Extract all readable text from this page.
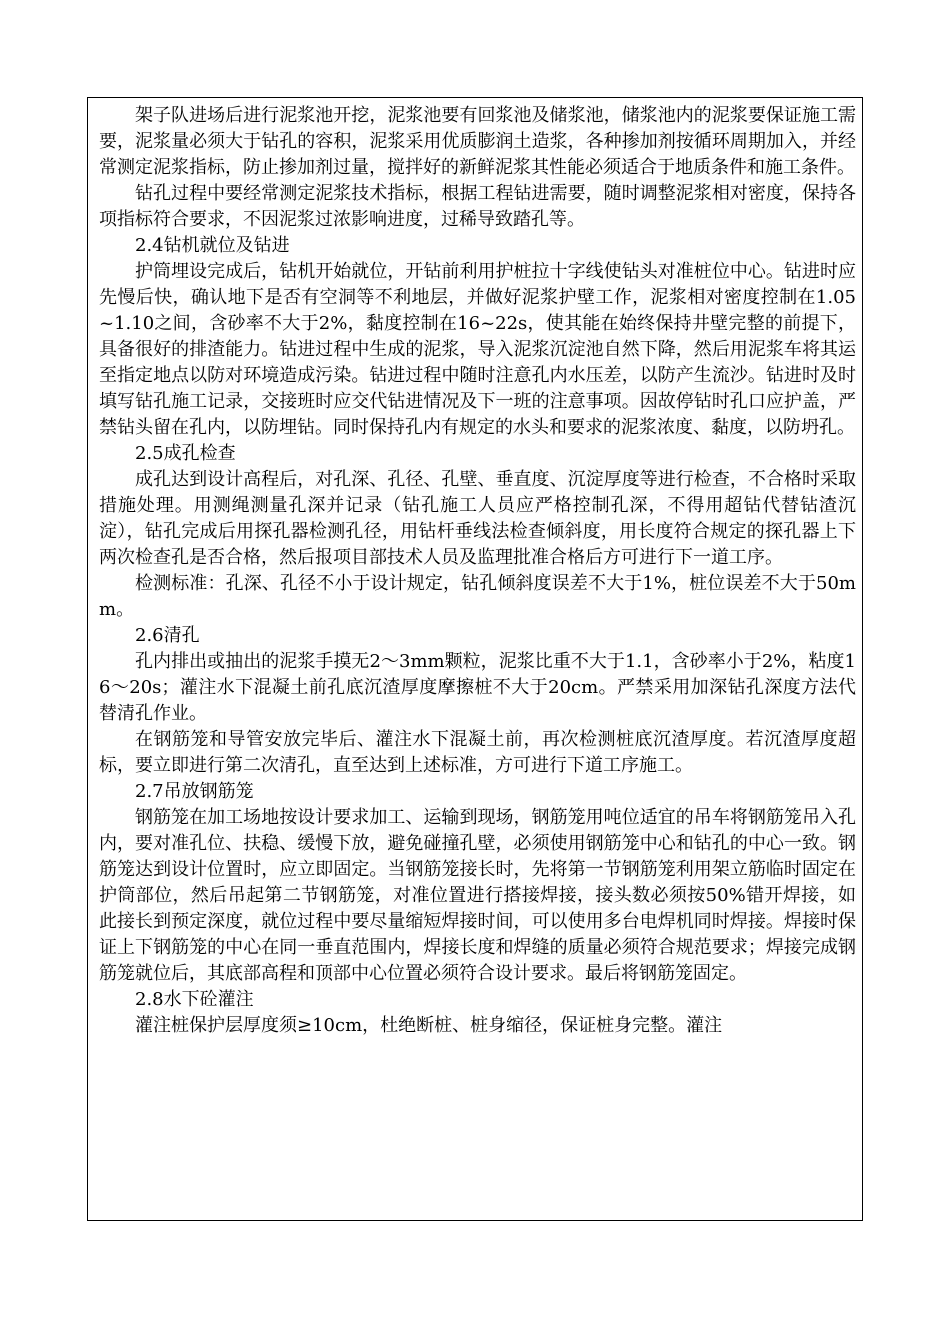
架子队进场后进行泥浆池开挖，泥浆池要有回浆池及储浆池，储浆池内的泥浆要保证施工需要，泥浆量必须大于钻孔的容积，泥浆采用优质膨润土造浆，各种掺加剂按循环周期加入，并经常测定泥浆指标，防止掺加剂过量，搅拌好的新鲜泥浆其性能必须适合于地质条件和施工条件。

钻孔过程中要经常测定泥浆技术指标，根据工程钻进需要，随时调整泥浆相对密度，保持各项指标符合要求，不因泥浆过浓影响进度，过稀导致踏孔等。

2.4钻机就位及钻进

护筒埋设完成后，钻机开始就位，开钻前利用护桩拉十字线使钻头对准桩位中心。钻进时应先慢后快，确认地下是否有空洞等不利地层，并做好泥浆护壁工作，泥浆相对密度控制在1.05~1.10之间，含砂率不大于2%，黏度控制在16~22s，使其能在始终保持井壁完整的前提下，具备很好的排渣能力。钻进过程中生成的泥浆，导入泥浆沉淀池自然下降，然后用泥浆车将其运至指定地点以防对环境造成污染。钻进过程中随时注意孔内水压差，以防产生流沙。钻进时及时填写钻孔施工记录，交接班时应交代钻进情况及下一班的注意事项。因故停钻时孔口应护盖，严禁钻头留在孔内，以防埋钻。同时保持孔内有规定的水头和要求的泥浆浓度、黏度，以防坍孔。

2.5成孔检查

成孔达到设计高程后，对孔深、孔径、孔壁、垂直度、沉淀厚度等进行检查，不合格时采取措施处理。用测绳测量孔深并记录（钻孔施工人员应严格控制孔深，不得用超钻代替钻渣沉淀），钻孔完成后用探孔器检测孔径，用钻杆垂线法检查倾斜度，用长度符合规定的探孔器上下两次检查孔是否合格，然后报项目部技术人员及监理批准合格后方可进行下一道工序。

检测标准：孔深、孔径不小于设计规定，钻孔倾斜度误差不大于1%，桩位误差不大于50mm。

2.6清孔

孔内排出或抽出的泥浆手摸无2～3mm颗粒，泥浆比重不大于1.1，含砂率小于2%，粘度16～20s；灌注水下混凝土前孔底沉渣厚度摩擦桩不大于20cm。严禁采用加深钻孔深度方法代替清孔作业。

在钢筋笼和导管安放完毕后、灌注水下混凝土前，再次检测桩底沉渣厚度。若沉渣厚度超标，要立即进行第二次清孔，直至达到上述标准，方可进行下道工序施工。

2.7吊放钢筋笼

钢筋笼在加工场地按设计要求加工、运输到现场，钢筋笼用吨位适宜的吊车将钢筋笼吊入孔内，要对准孔位、扶稳、缓慢下放，避免碰撞孔壁，必须使用钢筋笼中心和钻孔的中心一致。钢筋笼达到设计位置时，应立即固定。当钢筋笼接长时，先将第一节钢筋笼利用架立筋临时固定在护筒部位，然后吊起第二节钢筋笼，对准位置进行搭接焊接，接头数必须按50%错开焊接，如此接长到预定深度，就位过程中要尽量缩短焊接时间，可以使用多台电焊机同时焊接。焊接时保证上下钢筋笼的中心在同一垂直范围内，焊接长度和焊缝的质量必须符合规范要求；焊接完成钢筋笼就位后，其底部高程和顶部中心位置必须符合设计要求。最后将钢筋笼固定。

2.8水下砼灌注

灌注桩保护层厚度须≥10cm，杜绝断桩、桩身缩径，保证桩身完整。灌注
